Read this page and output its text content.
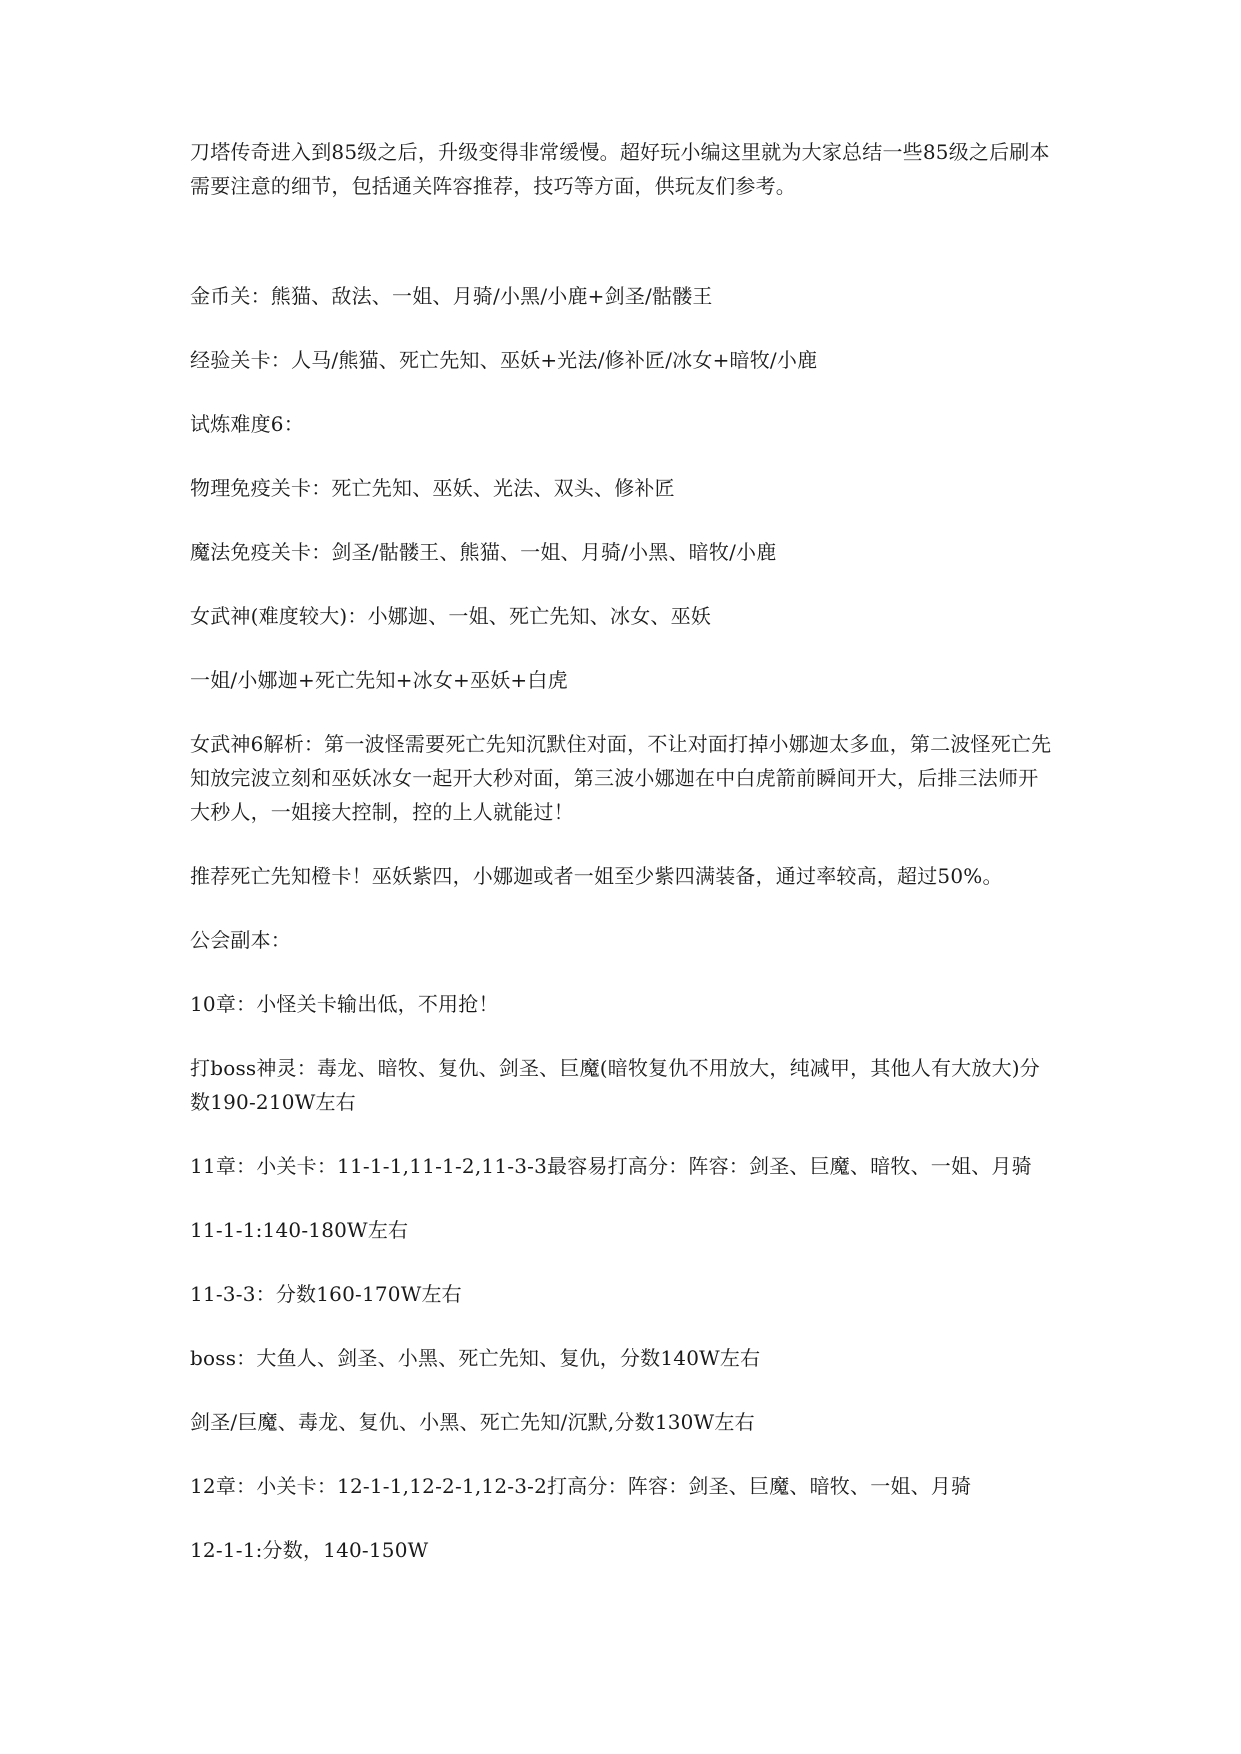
刀塔传奇进入到85级之后，升级变得非常缓慢。超好玩小编这里就为大家总结一些85级之后刷本需要注意的细节，包括通关阵容推荐，技巧等方面，供玩友们参考。

金币关：熊猫、敌法、一姐、月骑/小黑/小鹿+剑圣/骷髅王

经验关卡：人马/熊猫、死亡先知、巫妖+光法/修补匠/冰女+暗牧/小鹿

试炼难度6：

物理免疫关卡：死亡先知、巫妖、光法、双头、修补匠

魔法免疫关卡：剑圣/骷髅王、熊猫、一姐、月骑/小黑、暗牧/小鹿

女武神(难度较大)：小娜迦、一姐、死亡先知、冰女、巫妖

一姐/小娜迦+死亡先知+冰女+巫妖+白虎

女武神6解析：第一波怪需要死亡先知沉默住对面，不让对面打掉小娜迦太多血，第二波怪死亡先知放完波立刻和巫妖冰女一起开大秒对面，第三波小娜迦在中白虎箭前瞬间开大，后排三法师开大秒人，一姐接大控制，控的上人就能过！

推荐死亡先知橙卡！巫妖紫四，小娜迦或者一姐至少紫四满装备，通过率较高，超过50%。

公会副本：

10章：小怪关卡输出低，不用抢！

打boss神灵：毒龙、暗牧、复仇、剑圣、巨魔(暗牧复仇不用放大，纯减甲，其他人有大放大)分数190-210W左右

11章：小关卡：11-1-1,11-1-2,11-3-3最容易打高分：阵容：剑圣、巨魔、暗牧、一姐、月骑

11-1-1:140-180W左右

11-3-3：分数160-170W左右

boss：大鱼人、剑圣、小黑、死亡先知、复仇，分数140W左右

剑圣/巨魔、毒龙、复仇、小黑、死亡先知/沉默,分数130W左右

12章：小关卡：12-1-1,12-2-1,12-3-2打高分：阵容：剑圣、巨魔、暗牧、一姐、月骑

12-1-1:分数，140-150W
